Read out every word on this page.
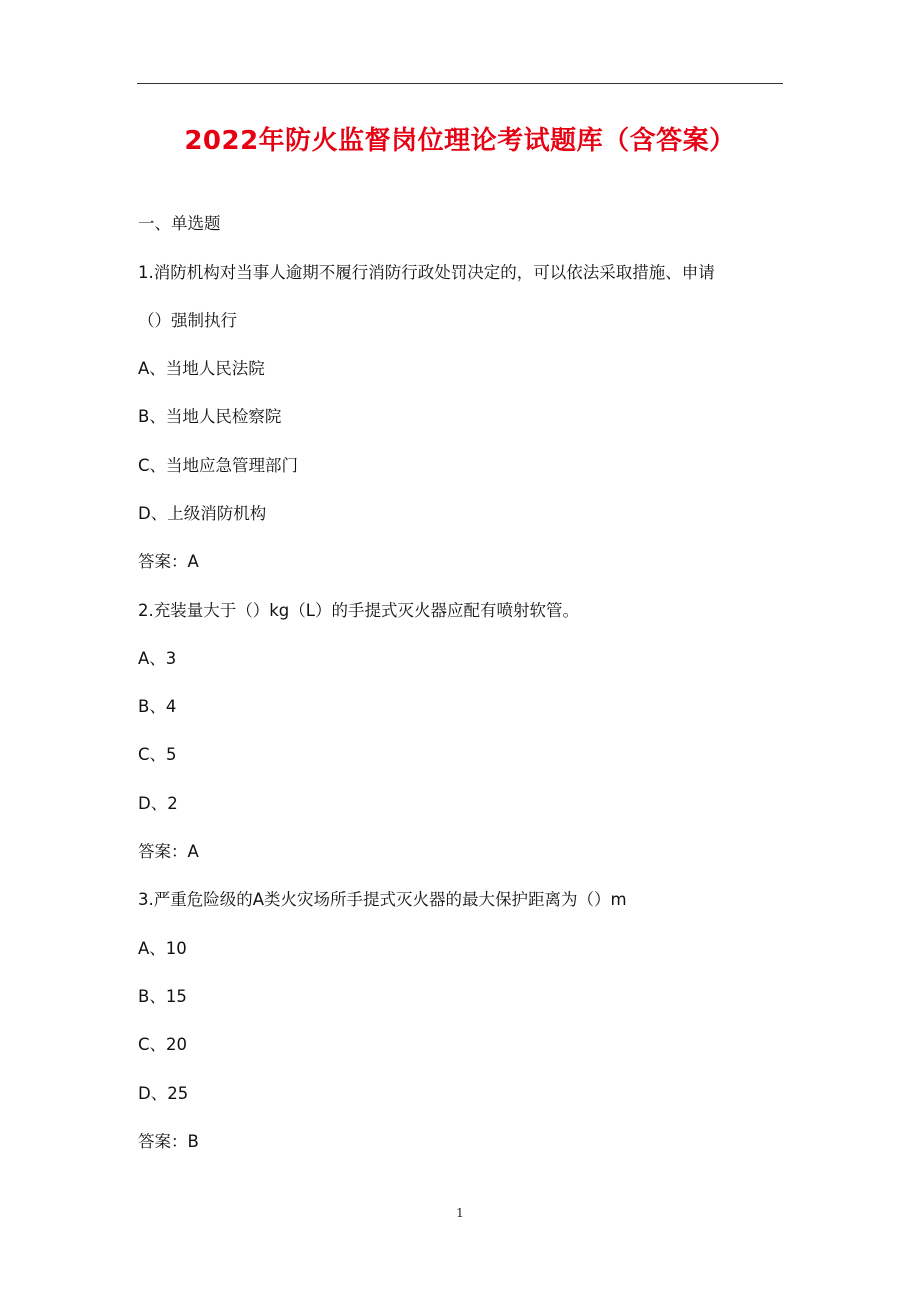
2022年防火监督岗位理论考试题库（含答案）
一、单选题
1.消防机构对当事人逾期不履行消防行政处罚决定的，可以依法采取措施、申请
（）强制执行
A、当地人民法院
B、当地人民检察院
C、当地应急管理部门
D、上级消防机构
答案：A
2.充装量大于（）kg（L）的手提式灭火器应配有喷射软管。
A、3
B、4
C、5
D、2
答案：A
3.严重危险级的A类火灾场所手提式灭火器的最大保护距离为（）m
A、10
B、15
C、20
D、25
答案：B
1
